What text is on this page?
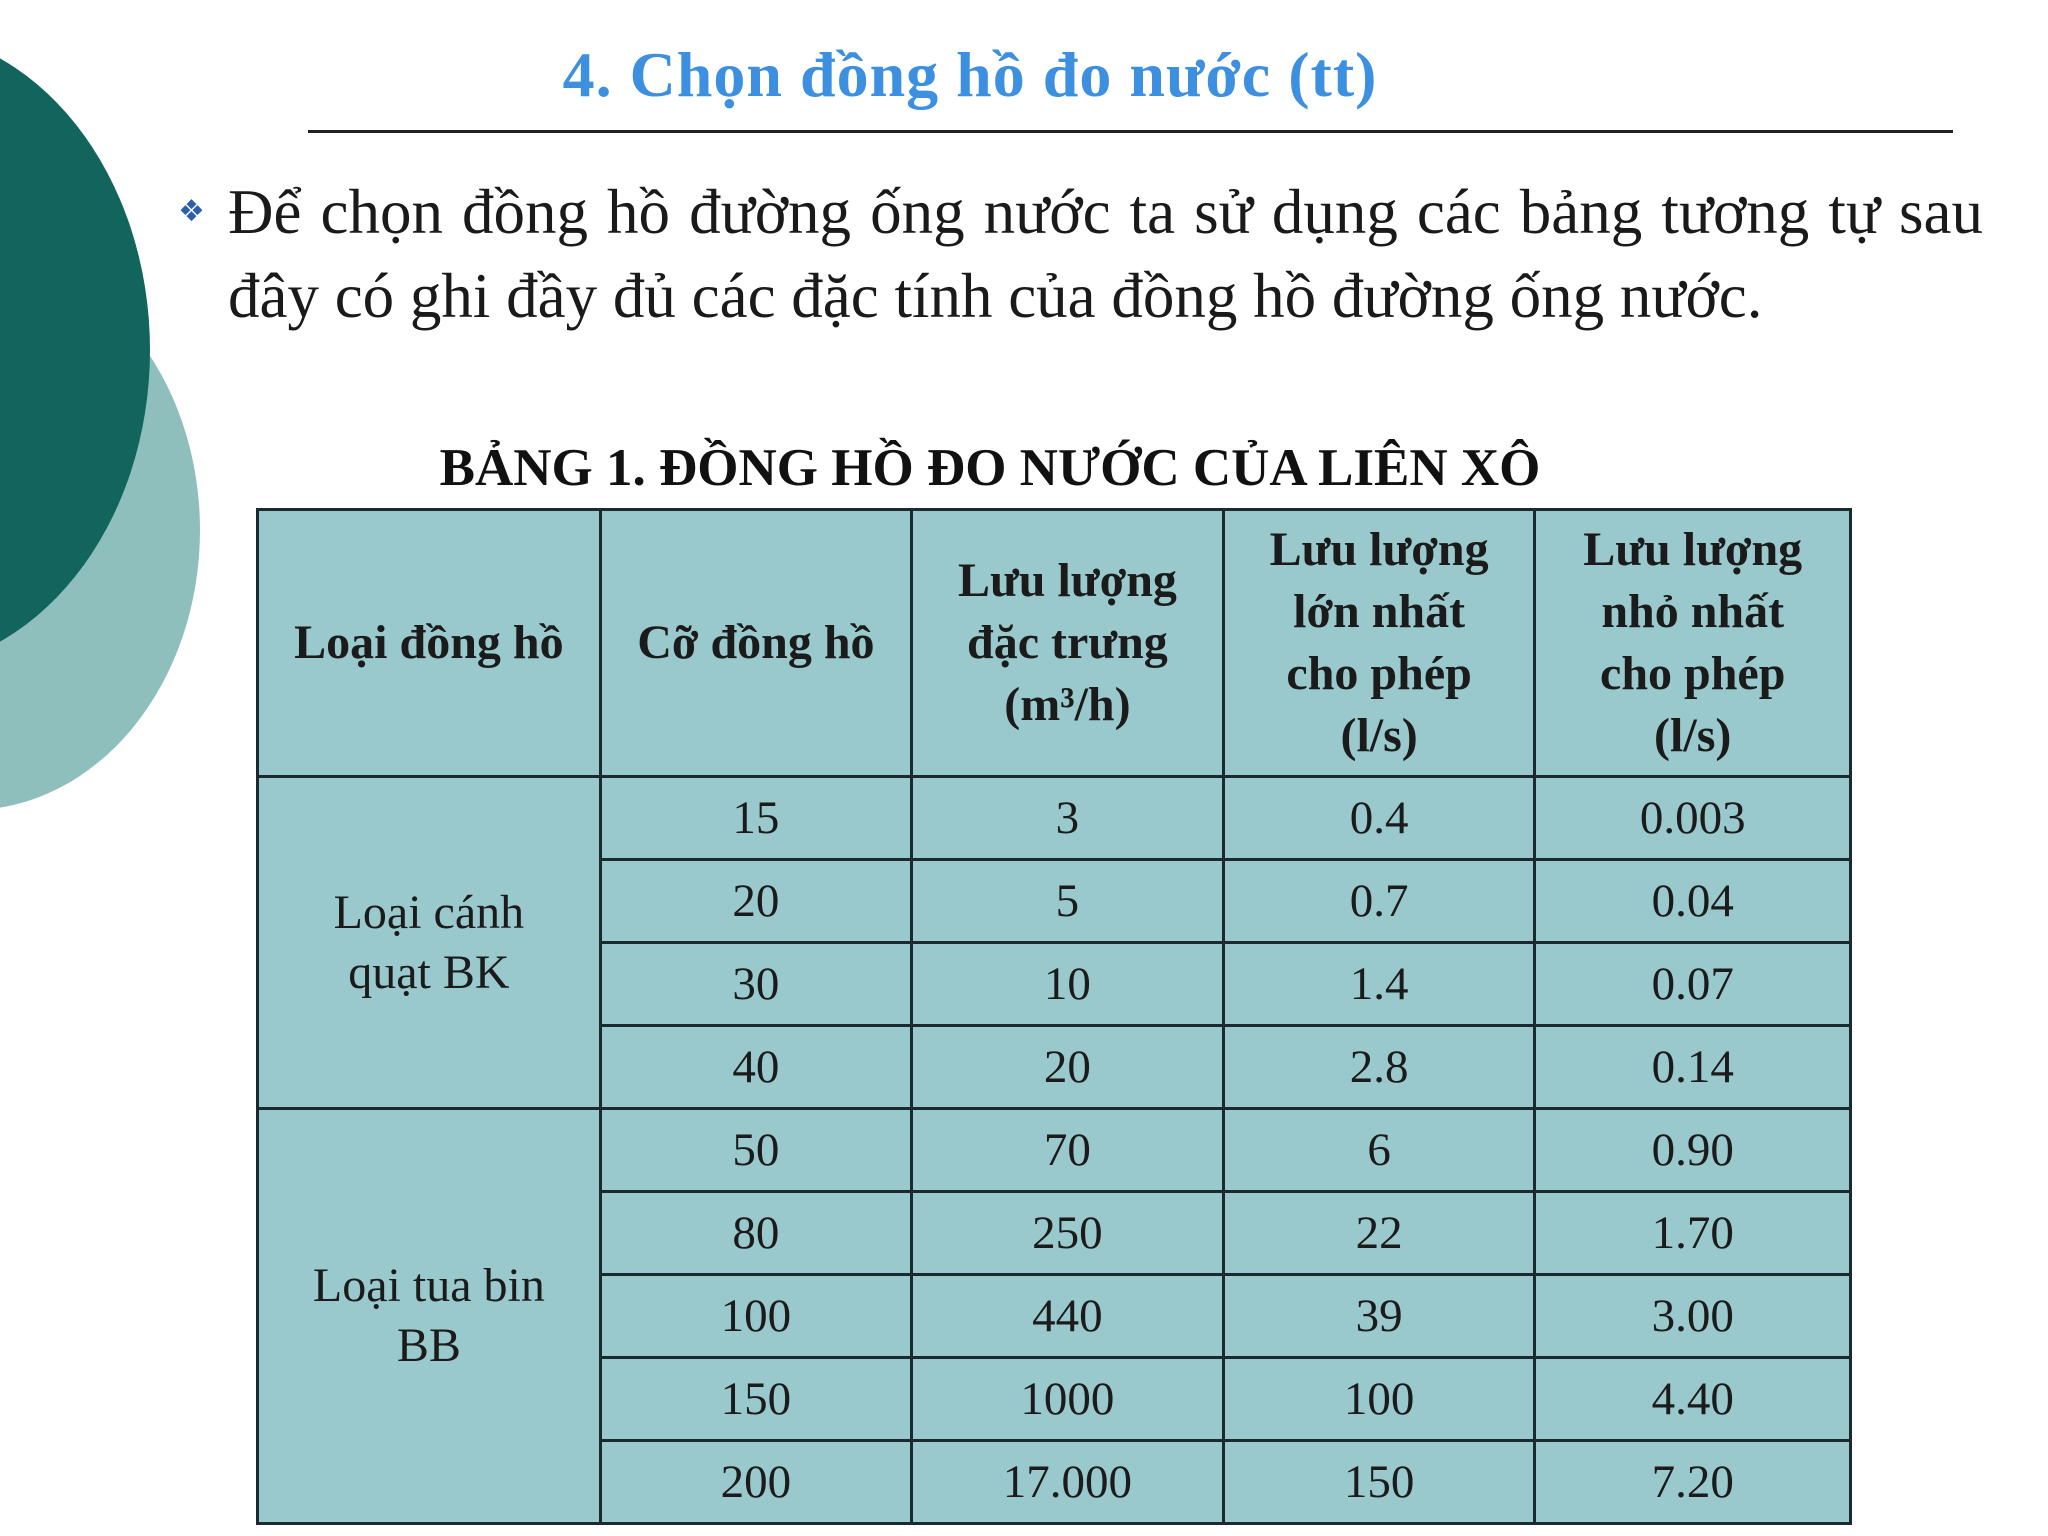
4. Chọn đồng hồ đo nước (tt)
❖ Để chọn đồng hồ đường ống nước ta sử dụng các bảng tương tự sau đây có ghi đầy đủ các đặc tính của đồng hồ đường ống nước.
BẢNG 1. ĐỒNG HỒ ĐO NƯỚC CỦA LIÊN XÔ
Loại đồng hồ	Cỡ đồng hồ	Lưu lượng
đặc trưng
(m³/h)	Lưu lượng
lớn nhất
cho phép
(l/s)	Lưu lượng
nhỏ nhất
cho phép
(l/s)
Loại cánh
quạt BK	15	3	0.4	0.003
	20	5	0.7	0.04
	30	10	1.4	0.07
	40	20	2.8	0.14
Loại tua bin
BB	50	70	6	0.90
	80	250	22	1.70
	100	440	39	3.00
	150	1000	100	4.40
	200	17.000	150	7.20
